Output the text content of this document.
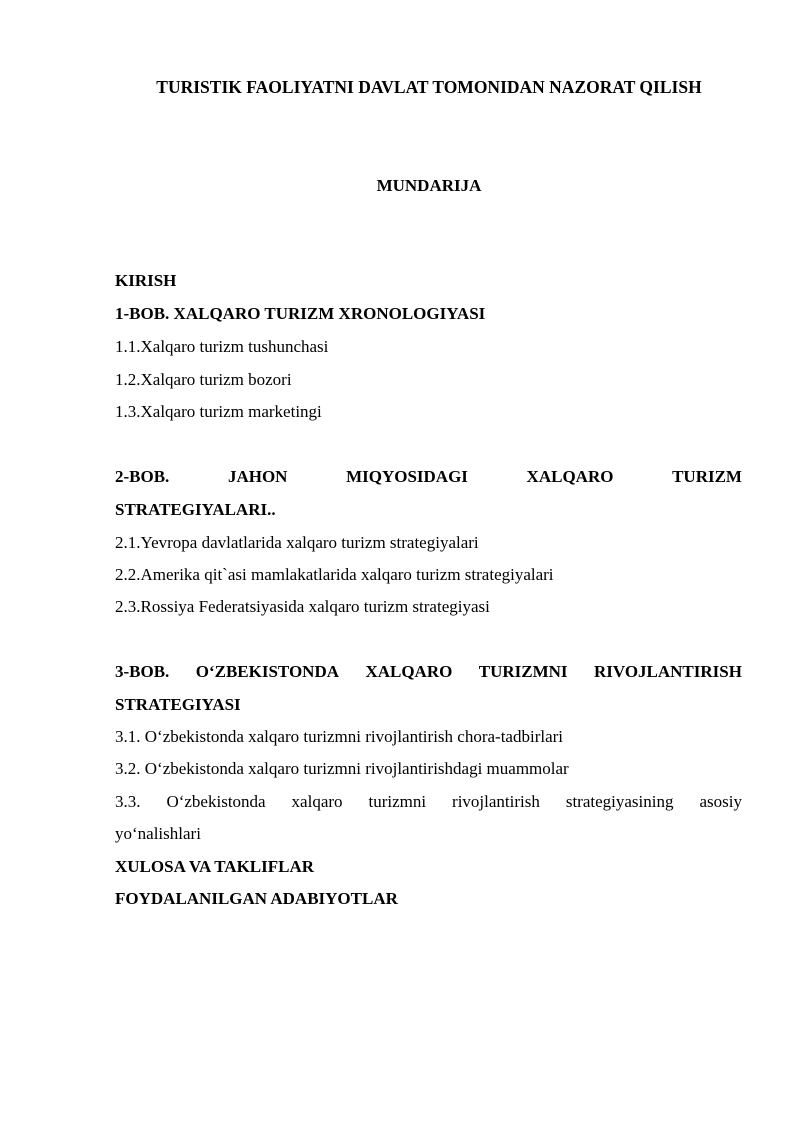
TURISTIK FAOLIYATNI DAVLAT TOMONIDAN NAZORAT QILISH
MUNDARIJA
KIRISH
1-BOB. XALQARO TURIZM XRONOLOGIYASI
1.1.Xalqaro turizm tushunchasi
1.2.Xalqaro turizm bozori
1.3.Xalqaro turizm marketingi
2-BOB.	JAHON	MIQYOSIDAGI	XALQARO	TURIZM
STRATEGIYALARI..
2.1.Yevropa davlatlarida xalqaro turizm strategiyalari
2.2.Amerika qit`asi mamlakatlarida xalqaro turizm strategiyalari
2.3.Rossiya Federatsiyasida xalqaro turizm strategiyasi
3-BOB. O‘ZBEKISTONDA XALQARO TURIZMNI RIVOJLANTIRISH
STRATEGIYASI
3.1. O‘zbekistonda xalqaro turizmni rivojlantirish chora-tadbirlari
3.2. O‘zbekistonda xalqaro turizmni rivojlantirishdagi muammolar
3.3. O‘zbekistonda xalqaro turizmni rivojlantirish strategiyasining asosiy
yo‘nalishlari
XULOSA VA TAKLIFLAR
FOYDALANILGAN ADABIYOTLAR
